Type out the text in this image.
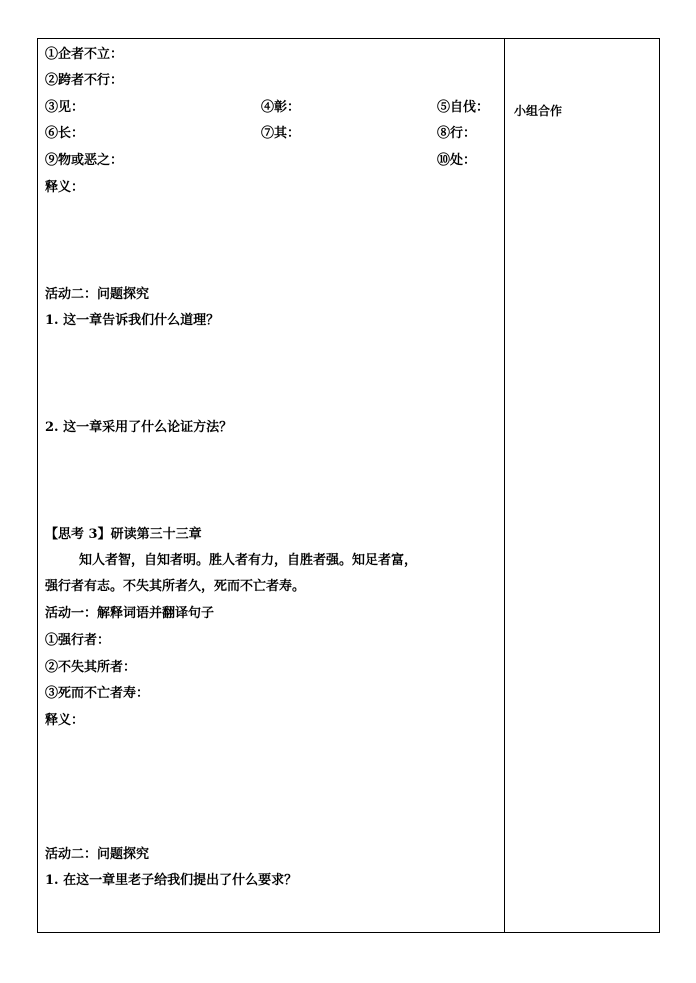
①企者不立：
②跨者不行：
③见：	④彰：	⑤自伐：
⑥长：	⑦其：	⑧行：
⑨物或恶之：	⑩处：
释义：
活动二：问题探究
1. 这一章告诉我们什么道理？
2. 这一章采用了什么论证方法？
小组合作
【思考 3】研读第三十三章
知人者智，自知者明。胜人者有力，自胜者强。知足者富，
强行者有志。不失其所者久，死而不亡者寿。
活动一：解释词语并翻译句子
①强行者：
②不失其所者：
③死而不亡者寿：
释义：
活动二：问题探究
1. 在这一章里老子给我们提出了什么要求？
